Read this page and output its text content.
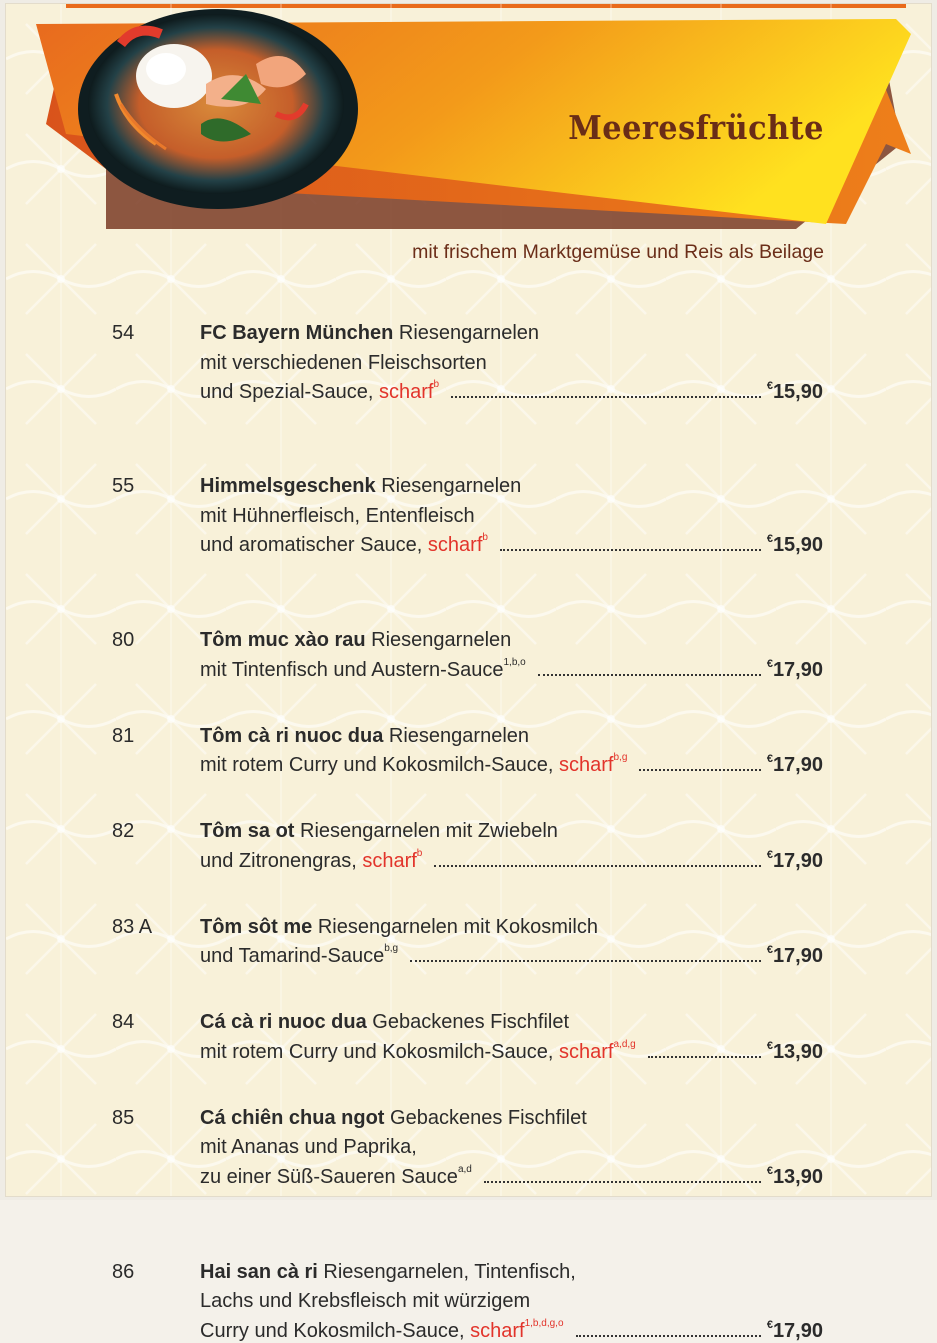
Meeresfrüchte
mit frischem Marktgemüse und Reis als Beilage
54	FC Bayern München Riesengarnelen
mit verschiedenen Fleischsorten
und Spezial-Sauce, scharf$^b$	€15,90
55	Himmelsgeschenk Riesengarnelen
mit Hühnerfleisch, Entenfleisch
und aromatischer Sauce, scharf$^b$	€15,90
80	Tôm muc xào rau Riesengarnelen
mit Tintenfisch und Austern-Sauce$^{1,b,o}$	€17,90
81	Tôm cà ri nuoc dua Riesengarnelen
mit rotem Curry und Kokosmilch-Sauce, scharf$^{b,g}$	€17,90
82	Tôm sa ot Riesengarnelen mit Zwiebeln
und Zitronengras, scharf$^b$	€17,90
83 A Tôm sôt me Riesengarnelen mit Kokosmilch
und Tamarind-Sauce$^{b,g}$	€17,90
84	Cá cà ri nuoc dua Gebackenes Fischfilet
mit rotem Curry und Kokosmilch-Sauce, scharf$^{a,d,g}$	€13,90
85	Cá chiên chua ngot Gebackenes Fischfilet
mit Ananas und Paprika,
zu einer Süß-Saueren Sauce$^{a,d}$	€13,90
86	Hai san cà ri Riesengarnelen, Tintenfisch,
Lachs und Krebsfleisch mit würzigem
Curry und Kokosmilch-Sauce, scharf$^{1,b,d,g,o}$	€17,90
